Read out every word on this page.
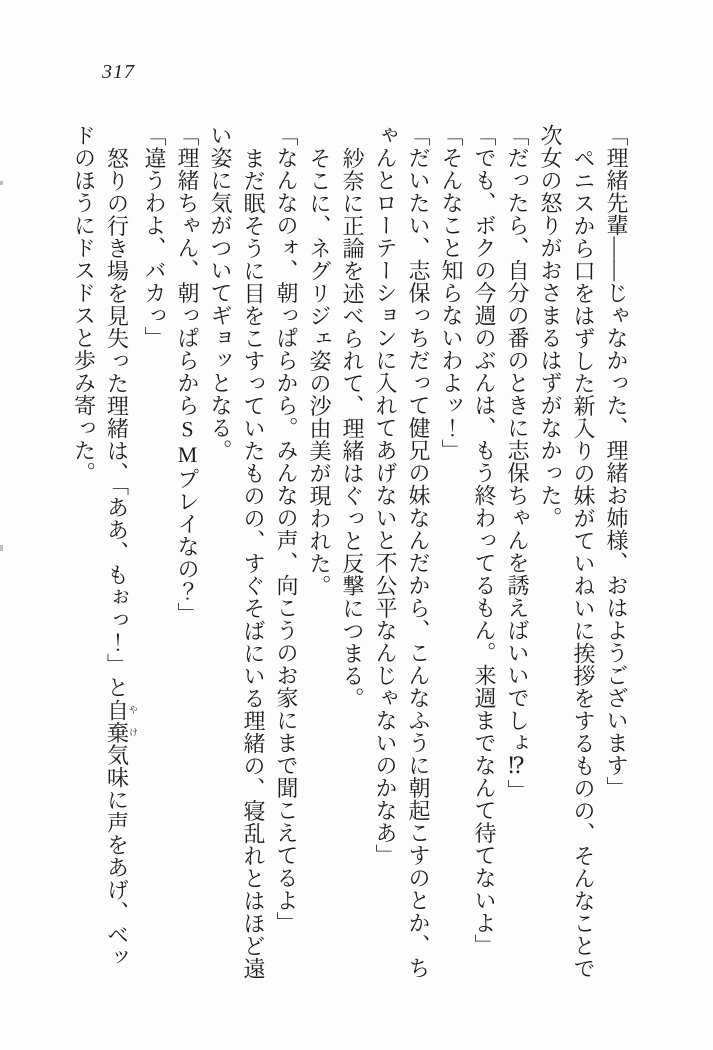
317

「理緒先輩――じゃなかった、理緒お姉様、おはようございます」

ペニスから口をはずした新入りの妹がていねいに挨拶をするものの、そんなことで

次女の怒りがおさまるはずがなかった。

「だったら、自分の番のときに志保ちゃんを誘えばいいでしょ⁉」

「でも、ボクの今週のぶんは、もう終わってるもん。来週までなんて待てないよ」

「そんなこと知らないわよッ！」

「だいたい、志保っちだって健兄の妹なんだから、こんなふうに朝起こすのとか、ち

ゃんとローテーションに入れてあげないと不公平なんじゃないのかなあ」

紗奈に正論を述べられて、理緒はぐっと反撃につまる。

そこに、ネグリジェ姿の沙由美が現われた。

「なんなのォ、朝っぱらから。みんなの声、向こうのお家にまで聞こえてるよ」

まだ眠そうに目をこすっていたものの、すぐそばにいる理緒の、寝乱れとはほど遠

い姿に気がついてギョッとなる。

「理緒ちゃん、朝っぱらからSMプレイなの？」

「違うわよ、バカっ」

怒りの行き場を見失った理緒は、「ああ、もぉっ！」と自棄やけ気味に声をあげ、ベッ

ドのほうにドスドスと歩み寄った。
